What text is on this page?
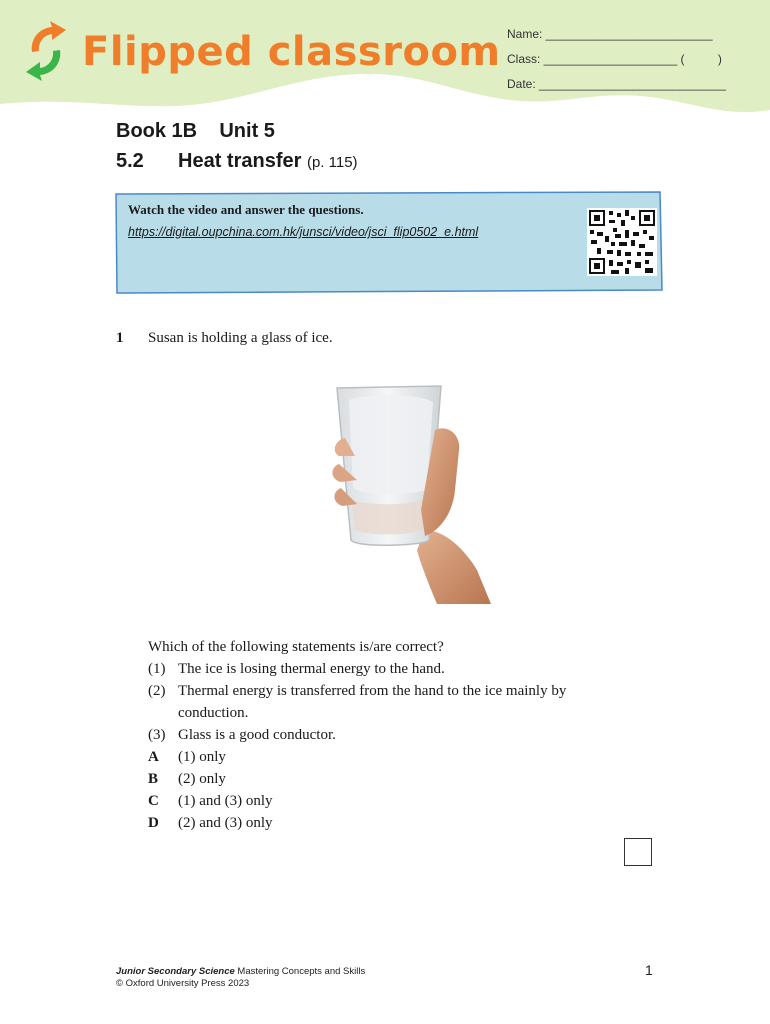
Flipped classroom Name: _________________________
Class: ____________________ (          )
Date: ____________________________
Book 1B Unit 5
5.2 Heat transfer (p. 115)
Watch the video and answer the questions.
https://digital.oupchina.com.hk/junsci/video/jsci_flip0502_e.html
1 Susan is holding a glass of ice.
Which of the following statements is/are correct?
(1) The ice is losing thermal energy to the hand.
(2) Thermal energy is transferred from the hand to the ice mainly by conduction.
(3) Glass is a good conductor.
A	(1) only
B	(2) only
C	(1) and (3) only
D	(2) and (3) only
Junior Secondary Science Mastering Concepts and Skills
© Oxford University Press 2023
1
